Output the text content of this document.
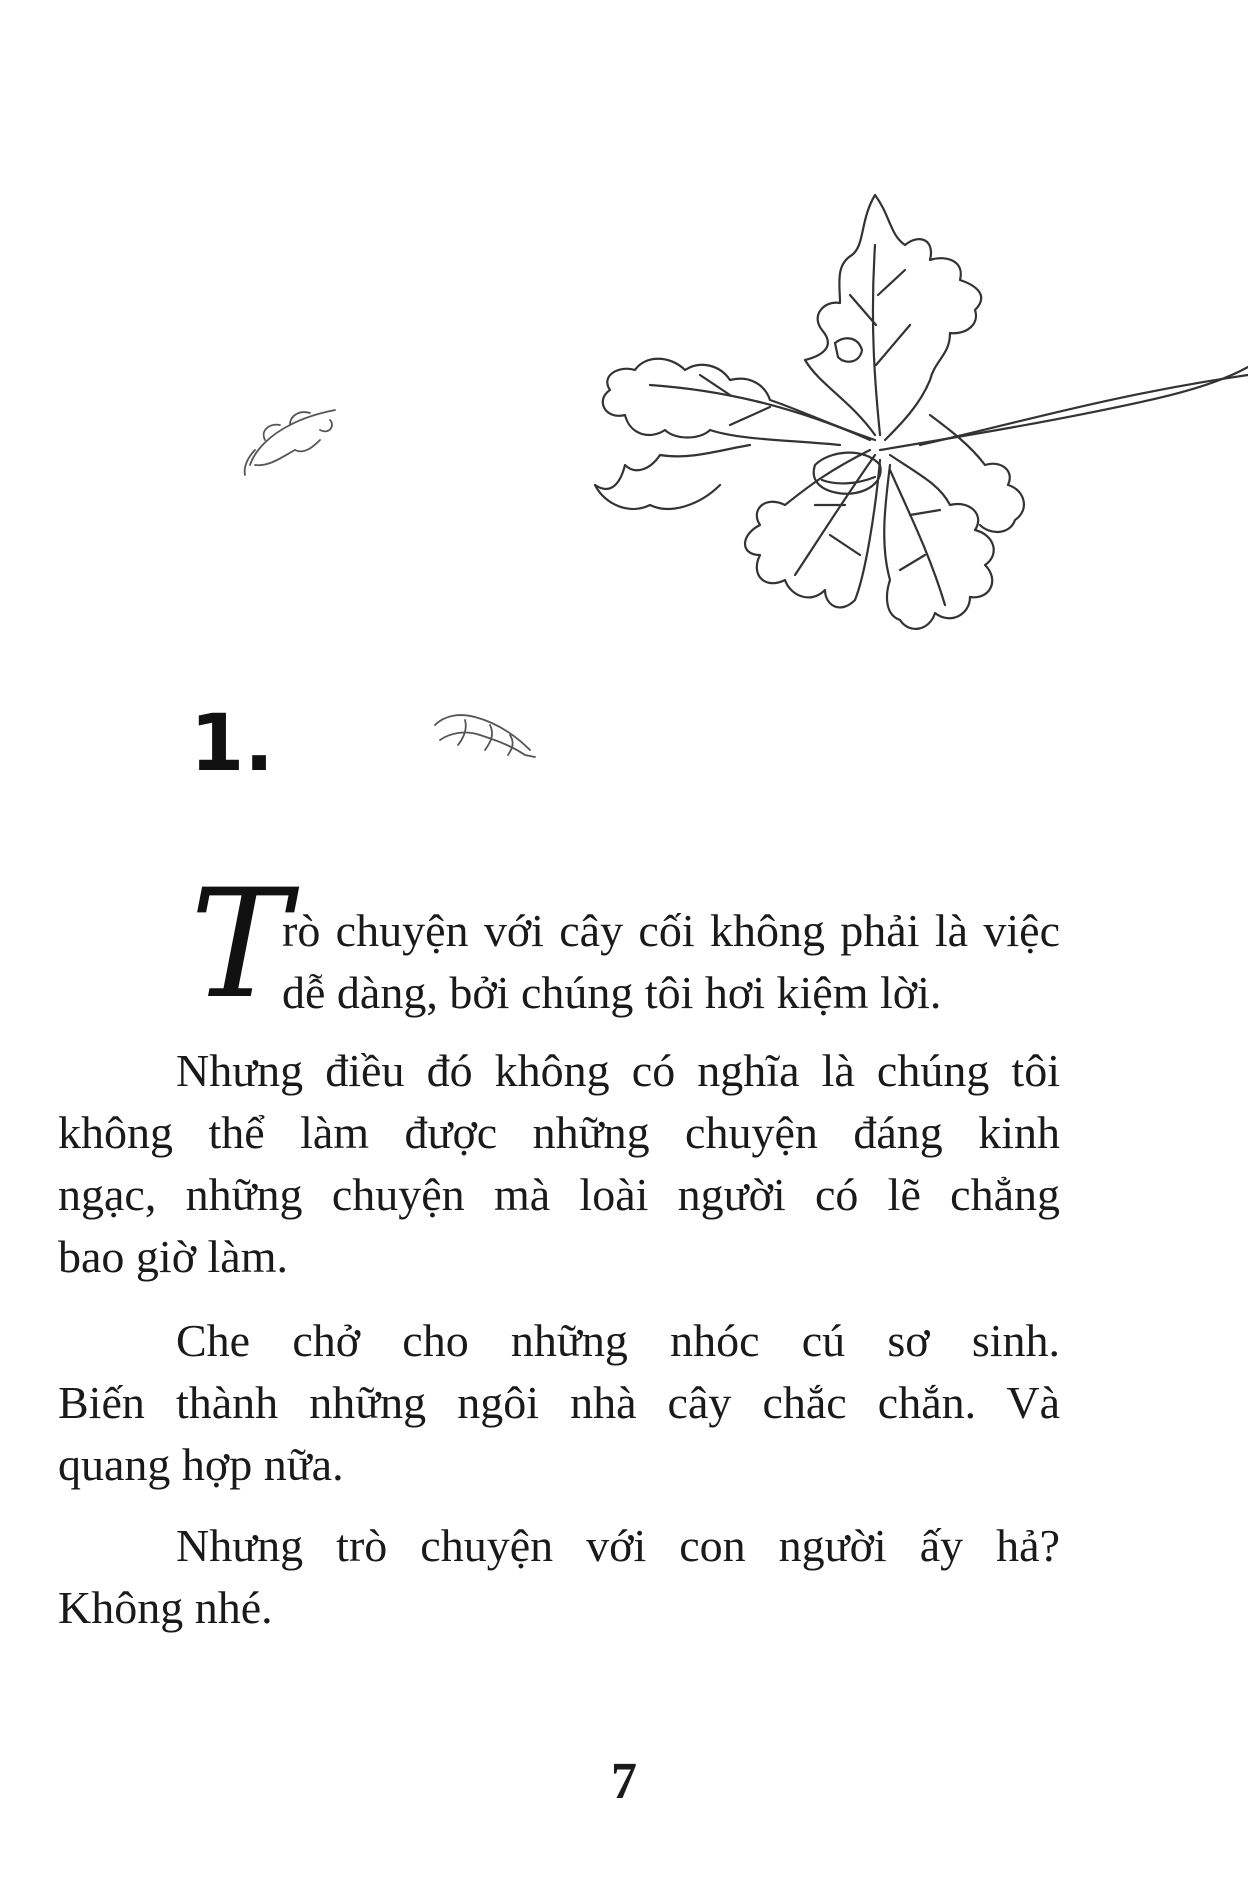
1.
T
rò chuyện với cây cối không phải là việc
dễ dàng, bởi chúng tôi hơi kiệm lời.
Nhưng điều đó không có nghĩa là chúng tôi
không thể làm được những chuyện đáng kinh
ngạc, những chuyện mà loài người có lẽ chẳng
bao giờ làm.
Che chở cho những nhóc cú sơ sinh.
Biến thành những ngôi nhà cây chắc chắn. Và
quang hợp nữa.
Nhưng trò chuyện với con người ấy hả?
Không nhé.
7
